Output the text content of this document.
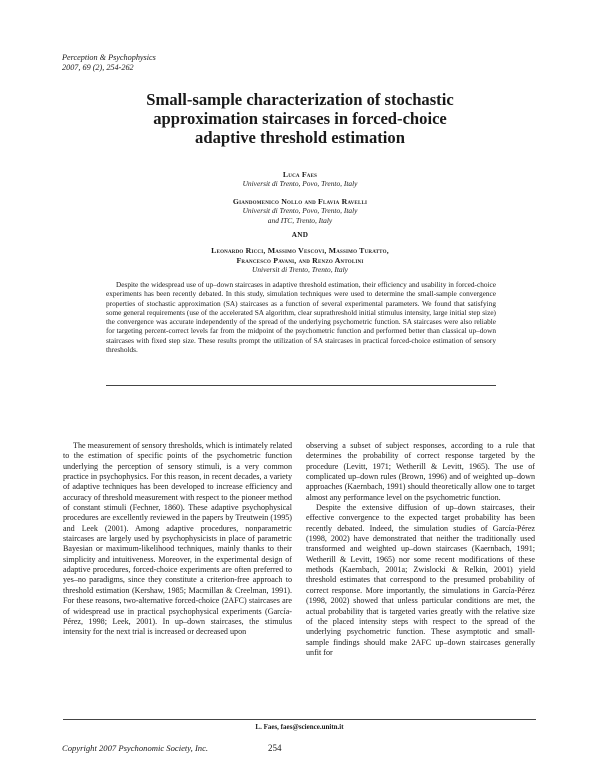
Perception & Psychophysics
2007, 69 (2), 254-262
Small-sample characterization of stochastic
approximation staircases in forced-choice
adaptive threshold estimation
Luca Faes
Universit di Trento, Povo, Trento, Italy
Giandomenico Nollo and Flavia Ravelli
Universit di Trento, Povo, Trento, Italy
and ITC, Trento, Italy
AND
Leonardo Ricci, Massimo Vescovi, Massimo Turatto,
Francesco Pavani, and Renzo Antolini
Universit di Trento, Trento, Italy
Despite the widespread use of up–down staircases in adaptive threshold estimation, their efficiency and usability in forced-choice experiments has been recently debated. In this study, simulation techniques were used to determine the small-sample convergence properties of stochastic approximation (SA) staircases as a function of several experimental parameters. We found that satisfying some general requirements (use of the accelerated SA algorithm, clear suprathreshold initial stimulus intensity, large initial step size) the convergence was accurate independently of the spread of the underlying psychometric function. SA staircases were also reliable for targeting percent-correct levels far from the midpoint of the psychometric function and performed better than classical up–down staircases with fixed step size. These results prompt the utilization of SA staircases in practical forced-choice estimation of sensory thresholds.

The measurement of sensory thresholds, which is intimately related to the estimation of specific points of the psychometric function underlying the perception of sensory stimuli, is a very common practice in psychophysics. For this reason, in recent decades, a variety of adaptive techniques has been developed to increase efficiency and accuracy of threshold measurement with respect to the pioneer method of constant stimuli (Fechner, 1860). These adaptive psychophysical procedures are excellently reviewed in the papers by Treutwein (1995) and Leek (2001). Among adaptive procedures, nonparametric staircases are largely used by psychophysicists in place of parametric Bayesian or maximum-likelihood techniques, mainly thanks to their simplicity and intuitiveness. Moreover, in the experimental design of adaptive procedures, forced-choice experiments are often preferred to yes–no paradigms, since they constitute a criterion-free approach to threshold estimation (Kershaw, 1985; Macmillan & Creelman, 1991). For these reasons, two-alternative forced-choice (2AFC) staircases are of widespread use in practical psychophysical experiments (García-Pérez, 1998; Leek, 2001). In up–down staircases, the stimulus intensity for the next trial is increased or decreased upon

observing a subset of subject responses, according to a rule that determines the probability of correct response targeted by the procedure (Levitt, 1971; Wetherill & Levitt, 1965). The use of complicated up–down rules (Brown, 1996) and of weighted up–down approaches (Kaernbach, 1991) should theoretically allow one to target almost any performance level on the psychometric function.

Despite the extensive diffusion of up–down staircases, their effective convergence to the expected target probability has been recently debated. Indeed, the simulation studies of García-Pérez (1998, 2002) have demonstrated that neither the traditionally used transformed and weighted up–down staircases (Kaernbach, 1991; Wetherill & Levitt, 1965) nor some recent modifications of these methods (Kaernbach, 2001a; Zwislocki & Relkin, 2001) yield threshold estimates that correspond to the presumed probability of correct response. More importantly, the simulations in García-Pérez (1998, 2002) showed that unless particular conditions are met, the actual probability that is targeted varies greatly with the relative size of the placed intensity steps with respect to the spread of the underlying psychometric function. These asymptotic and small-sample findings should make 2AFC up–down staircases generally unfit for

L. Faes, faes@science.unitn.it
Copyright 2007 Psychonomic Society, Inc.	254
